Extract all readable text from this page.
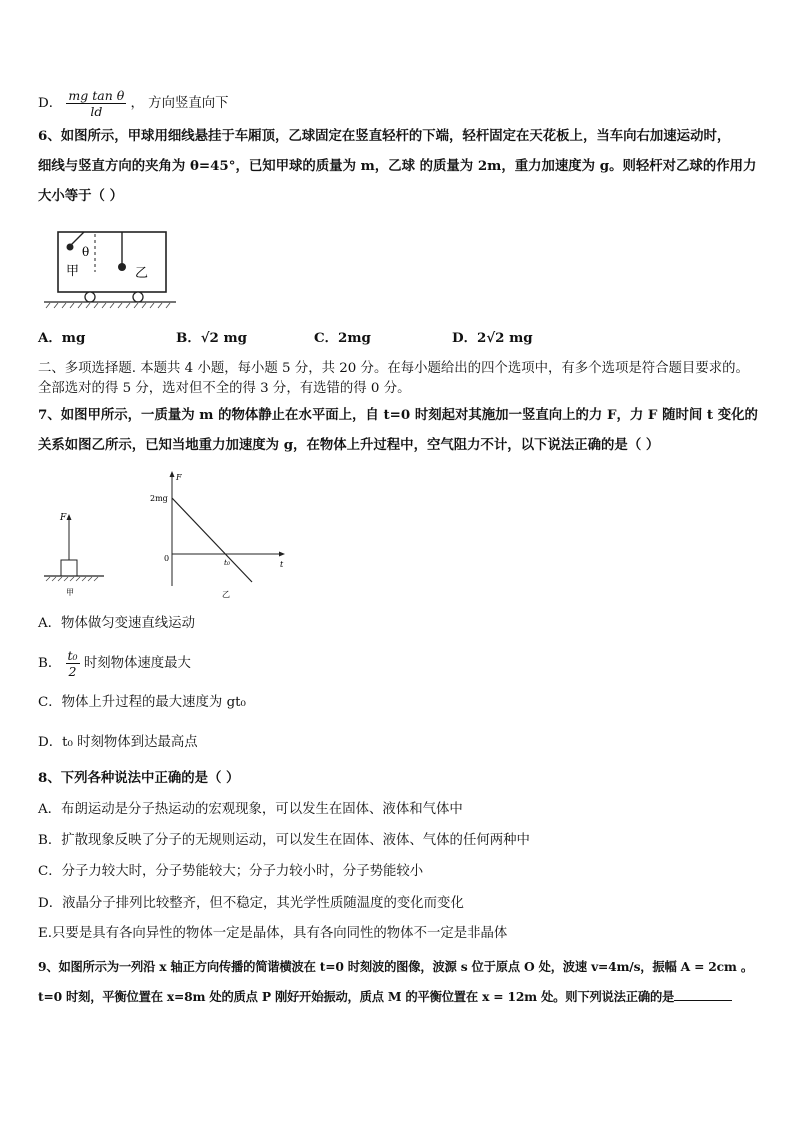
D． $\frac{\text{mg tan θ}}{ld}$ ， 方向竖直向下
6、如图所示，甲球用细线悬挂于车厢顶，乙球固定在竖直轻杆的下端，轻杆固定在天花板上，当车向右加速运动时，
细线与竖直方向的夹角为 θ=45°，已知甲球的质量为 m，乙球 的质量为 2m，重力加速度为 g。则轻杆对乙球的作用力
大小等于（ ）
θ
甲	乙
A．mg	B．√2 mg	C．2mg	D．2√2 mg
二、多项选择题. 本题共 4 小题，每小题 5 分，共 20 分。在每小题给出的四个选项中，有多个选项是符合题目要求的。
全部选对的得 5 分，选对但不全的得 3 分，有选错的得 0 分。
7、如图甲所示，一质量为 m 的物体静止在水平面上，自 t=0 时刻起对其施加一竖直向上的力 F，力 F 随时间 t 变化的
关系如图乙所示，已知当地重力加速度为 g，在物体上升过程中，空气阻力不计，以下说法正确的是（ ）
F
甲
F
t
2mg
0	t₀
乙
A．物体做匀变速直线运动
B． $\frac{\text{t₀}}{2}$ 时刻物体速度最大
C．物体上升过程的最大速度为 gt₀
D．t₀ 时刻物体到达最高点
8、下列各种说法中正确的是（ ）
A．布朗运动是分子热运动的宏观现象，可以发生在固体、液体和气体中
B．扩散现象反映了分子的无规则运动，可以发生在固体、液体、气体的任何两种中
C．分子力较大时，分子势能较大；分子力较小时，分子势能较小
D．液晶分子排列比较整齐，但不稳定，其光学性质随温度的变化而变化
E.只要是具有各向异性的物体一定是晶体，具有各向同性的物体不一定是非晶体
9、如图所示为一列沿 x 轴正方向传播的简谐横波在 t=0 时刻波的图像，波源 s 位于原点 O 处，波速 v=4m/s，振幅 A = 2cm 。
t=0 时刻，平衡位置在 x=8m 处的质点 P 刚好开始振动，质点 M 的平衡位置在 x = 12m 处。则下列说法正确的是
